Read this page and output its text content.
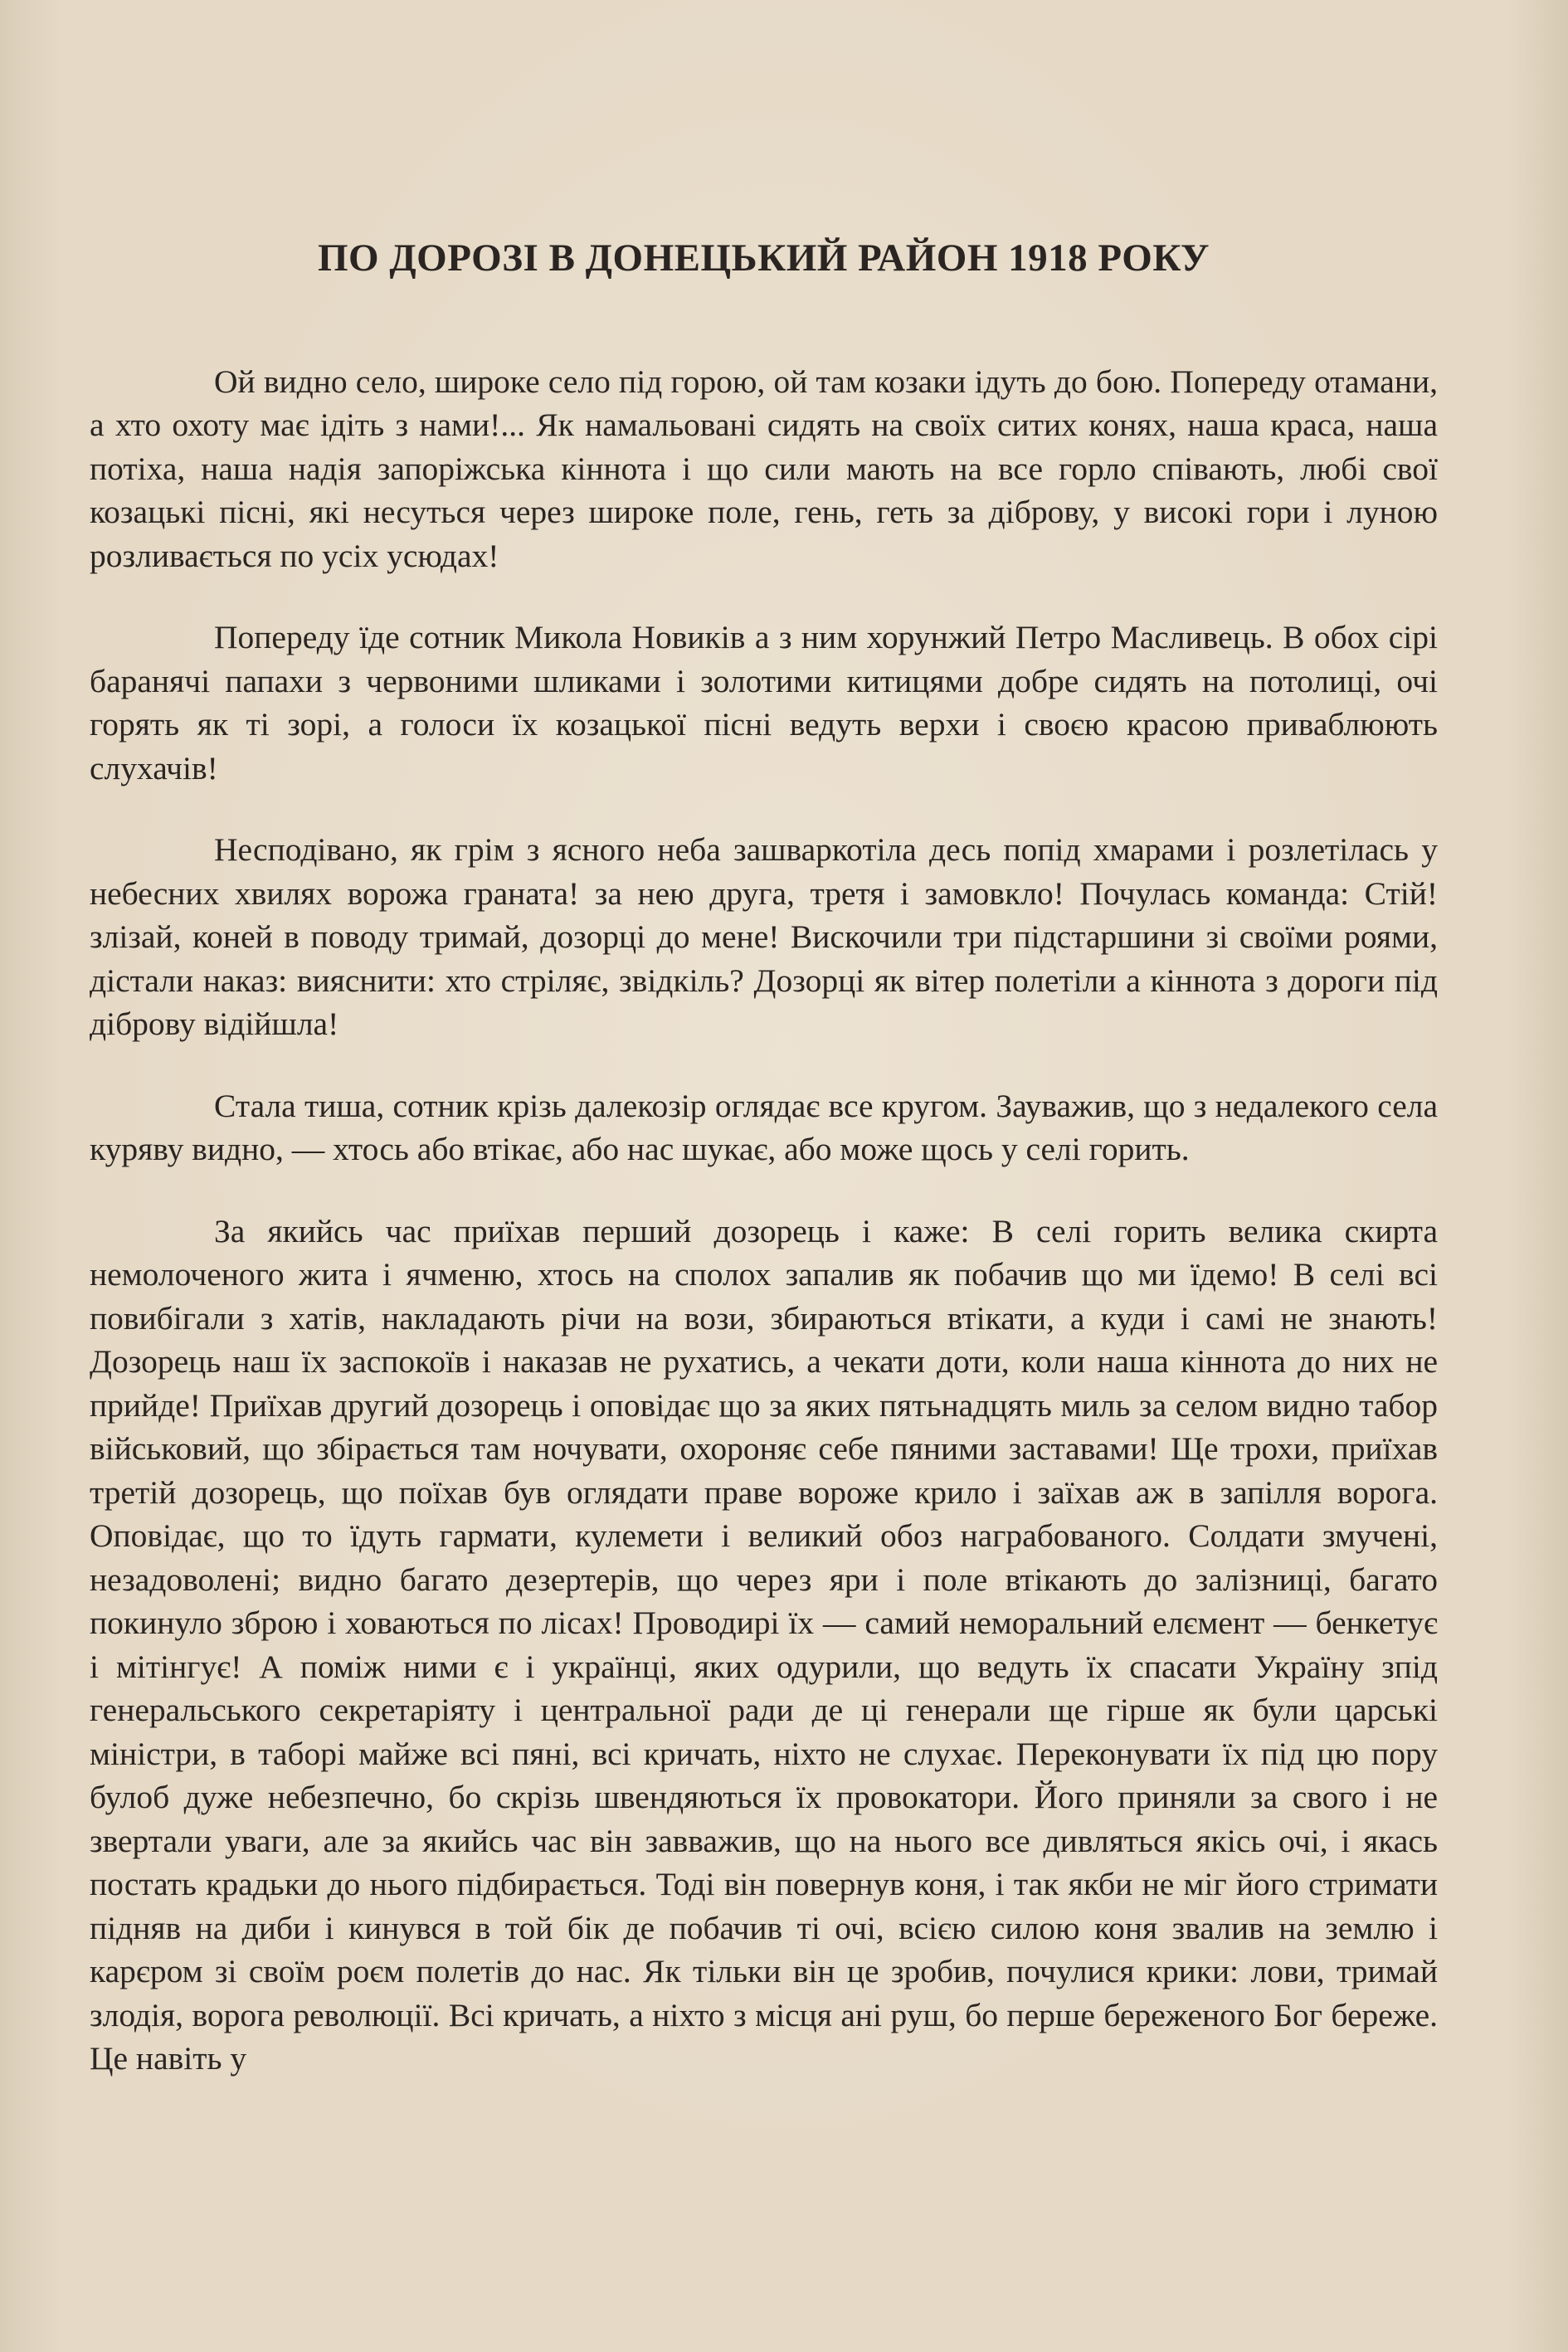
ПО ДОРОЗІ В ДОНЕЦЬКИЙ РАЙОН 1918 РОКУ

Ой видно село, широке село під горою, ой там козаки ідуть до бою. Попереду отамани, а хто охоту має ідіть з нами!... Як намальовані сидять на своїх ситих конях, наша краса, наша потіха, наша надія запоріжська кіннота і що сили мають на все горло співають, любі свої козацькі пісні, які несуться через широке поле, гень, геть за діброву, у високі гори і луною розливається по усіх усюдах!

Попереду їде сотник Микола Новиків а з ним хорунжий Петро Масливець. В обох сірі баранячі папахи з червоними шликами і золотими китицями добре сидять на потолиці, очі горять як ті зорі, а голоси їх козацької пісні ведуть верхи і своєю красою приваблюють слухачів!

Несподівано, як грім з ясного неба зашваркотіла десь попід хмарами і розлетілась у небесних хвилях ворожа граната! за нею друга, третя і замовкло! Почулась команда: Стій! злізай, коней в поводу тримай, дозорці до мене! Вискочили три підстаршини зі своїми роями, дістали наказ: вияснити: хто стріляє, звідкіль? Дозорці як вітер полетіли а кіннота з дороги під діброву відійшла!

Стала тиша, сотник крізь далекозір оглядає все кругом. Зауважив, що з недалекого села куряву видно, — хтось або втікає, або нас шукає, або може щось у селі горить.

За якийсь час приїхав перший дозорець і каже: В селі горить велика скирта немолоченого жита і ячменю, хтось на сполох запалив як побачив що ми їдемо! В селі всі повибігали з хатів, накладають річи на вози, збираються втікати, а куди і самі не знають! Дозорець наш їх заспокоїв і наказав не рухатись, а чекати доти, коли наша кіннота до них не прийде! Приїхав другий дозорець і оповідає що за яких пятьнадцять миль за селом видно табор військовий, що збірається там ночувати, охороняє себе пяними заставами! Ще трохи, приїхав третій дозорець, що поїхав був оглядати праве вороже крило і заїхав аж в запілля ворога. Оповідає, що то їдуть гармати, кулемети і великий обоз награбованого. Солдати змучені, незадоволені; видно багато дезертерів, що через яри і поле втікають до залізниці, багато покинуло зброю і ховаються по лісах! Проводирі їх — самий неморальний елємент — бенкетує і мітінгує! А поміж ними є і українці, яких одурили, що ведуть їх спасати Україну зпід генеральського секретаріяту і центральної ради де ці генерали ще гірше як були царські міністри, в таборі майже всі пяні, всі кричать, ніхто не слухає. Переконувати їх під цю пору булоб дуже небезпечно, бо скрізь швендяються їх провокатори. Його приняли за свого і не звертали уваги, але за якийсь час він завважив, що на нього все дивляться якісь очі, і якась постать крадьки до нього підбирається. Тоді він повернув коня, і так якби не міг його стримати підняв на диби і кинувся в той бік де побачив ті очі, всією силою коня звалив на землю і карєром зі своїм роєм полетів до нас. Як тільки він це зробив, почулися крики: лови, тримай злодія, ворога революції. Всі кричать, а ніхто з місця ані руш, бо перше береженого Бог береже. Це навіть у
